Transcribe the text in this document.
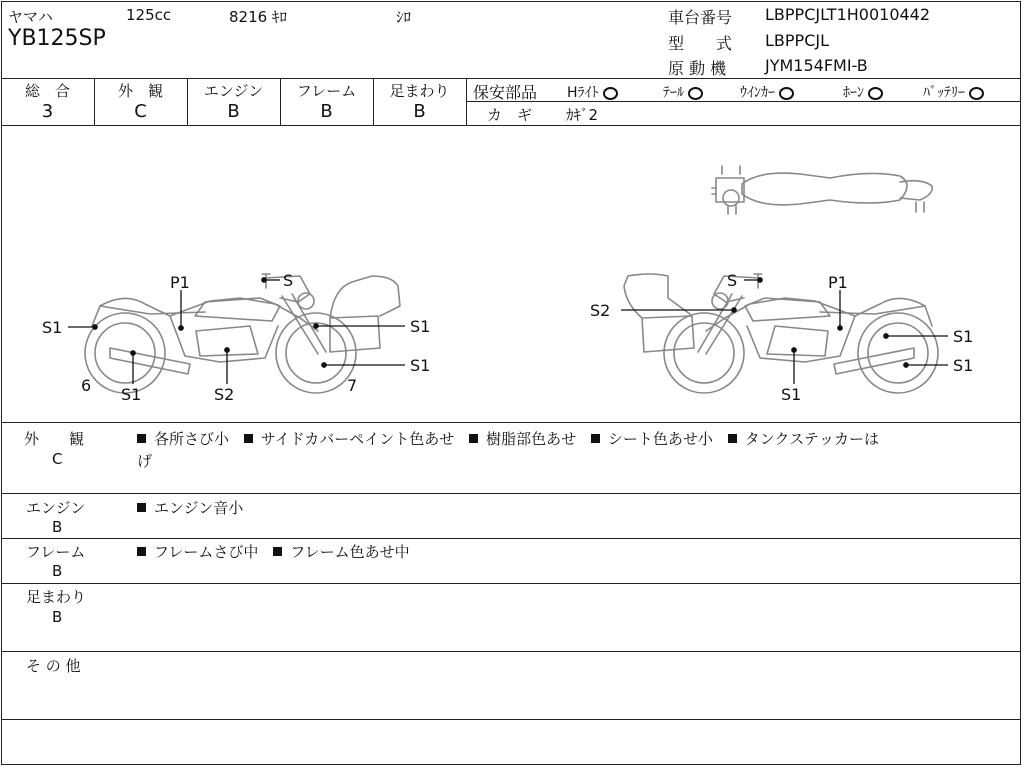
ヤマハ	125cc	8216 ｷﾛ	ｼﾛ
YB125SP
車台番号 LBPPCJLT1H0010442
型　　式 LBPPCJL
原 動 機 JYM154FMI-B
総　合
3
外　観
C
エンジン
B
フレーム
B
足まわり
B
保安部品 Hﾗｲﾄ	ﾃｰﾙ	ｳｲﾝｶｰ	ﾎｰﾝ	ﾊﾞｯﾃﾘｰ
カ　ギ ｶｷﾞ2
P1	S
S1	S1
S1
6 S1	S2	7
S	P1
S2
S1
S1
S1
外　　観
C
各所さび小 サイドカバーペイント色あせ 樹脂部色あせ シート色あせ小 タンクステッカーは
げ
エンジン
B
エンジン音小
フレーム
B
フレームさび中 フレーム色あせ中
足まわり
B
そ の 他
